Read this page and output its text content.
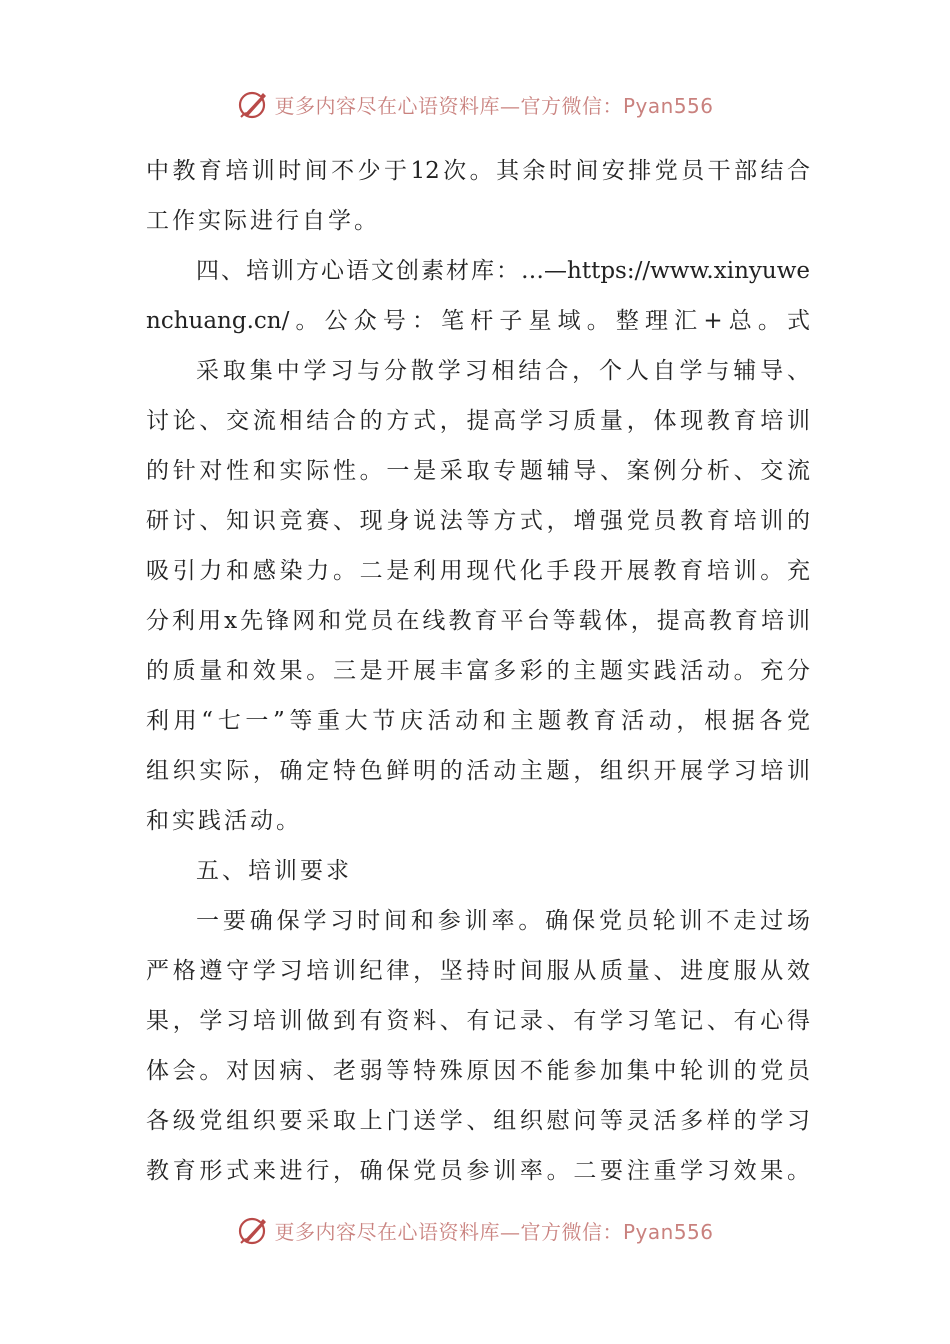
更多内容尽在心语资料库—官方微信：Pyan556
中教育培训时间不少于12次。其余时间安排党员干部结合
工作实际进行自学。
四、培训方心语文创素材库：…—https://www.xinyuwe
nchuang.cn/。公众号：笔杆子星域。整理汇+总。式
采取集中学习与分散学习相结合，个人自学与辅导、
讨论、交流相结合的方式，提高学习质量，体现教育培训
的针对性和实际性。一是采取专题辅导、案例分析、交流
研讨、知识竞赛、现身说法等方式，增强党员教育培训的
吸引力和感染力。二是利用现代化手段开展教育培训。充
分利用x先锋网和党员在线教育平台等载体，提高教育培训
的质量和效果。三是开展丰富多彩的主题实践活动。充分
利用“七一”等重大节庆活动和主题教育活动，根据各党
组织实际，确定特色鲜明的活动主题，组织开展学习培训
和实践活动。
五、培训要求
一要确保学习时间和参训率。确保党员轮训不走过场
严格遵守学习培训纪律，坚持时间服从质量、进度服从效
果，学习培训做到有资料、有记录、有学习笔记、有心得
体会。对因病、老弱等特殊原因不能参加集中轮训的党员
各级党组织要采取上门送学、组织慰问等灵活多样的学习
教育形式来进行，确保党员参训率。二要注重学习效果。
更多内容尽在心语资料库—官方微信：Pyan556
